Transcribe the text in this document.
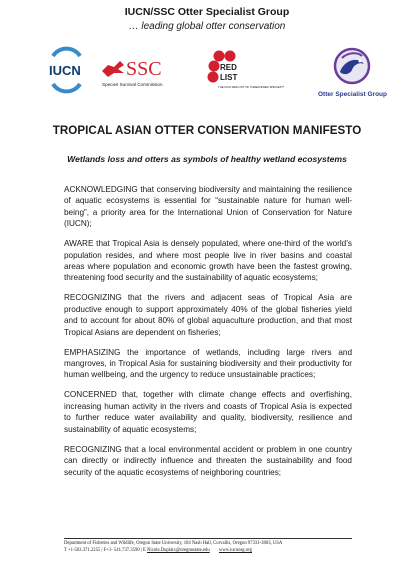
IUCN/SSC Otter Specialist Group
… leading global otter conservation
IUCN SSC
Species Survival Commission
RED
LIST
THE IUCN RED LIST OF THREATENED SPECIES™
Otter Specialist Group
TROPICAL ASIAN OTTER CONSERVATION MANIFESTO
Wetlands loss and otters as symbols of healthy wetland ecosystems

ACKNOWLEDGING that conserving biodiversity and maintaining the resilience of aquatic ecosystems is essential for “sustainable nature for human well-being”, a priority area for the International Union of Conservation for Nature (IUCN);

AWARE that Tropical Asia is densely populated, where one-third of the world’s population resides, and where most people live in river basins and coastal areas where population and economic growth have been the fastest growing, threatening food security and the sustainability of aquatic ecosystems;

RECOGNIZING that the rivers and adjacent seas of Tropical Asia are productive enough to support approximately 40% of the global fisheries yield and to account for about 80% of global aquaculture production, and that most Tropical Asians are dependent on fisheries;

EMPHASIZING the importance of wetlands, including large rivers and mangroves, in Tropical Asia for sustaining biodiversity and their productivity for human wellbeing, and the urgency to reduce unsustainable practices;

CONCERNED that, together with climate change effects and overfishing, increasing human activity in the rivers and coasts of Tropical Asia is expected to further reduce water availability and quality, biodiversity, resilience and sustainability of aquatic ecosystems;

RECOGNIZING that a local environmental accident or problem in one country can directly or indirectly influence and threaten the sustainability and food security of the aquatic ecosystems of neighboring countries;

Department of Fisheries and Wildlife, Oregon State University, 104 Nash Hall, Corvallis, Oregon 97331-3803, USA
T +1-503.371.2255 | F+1- 541.737.3590 | E Nicole.Duplaix@oregonstate.edu www.iucnosg.org
